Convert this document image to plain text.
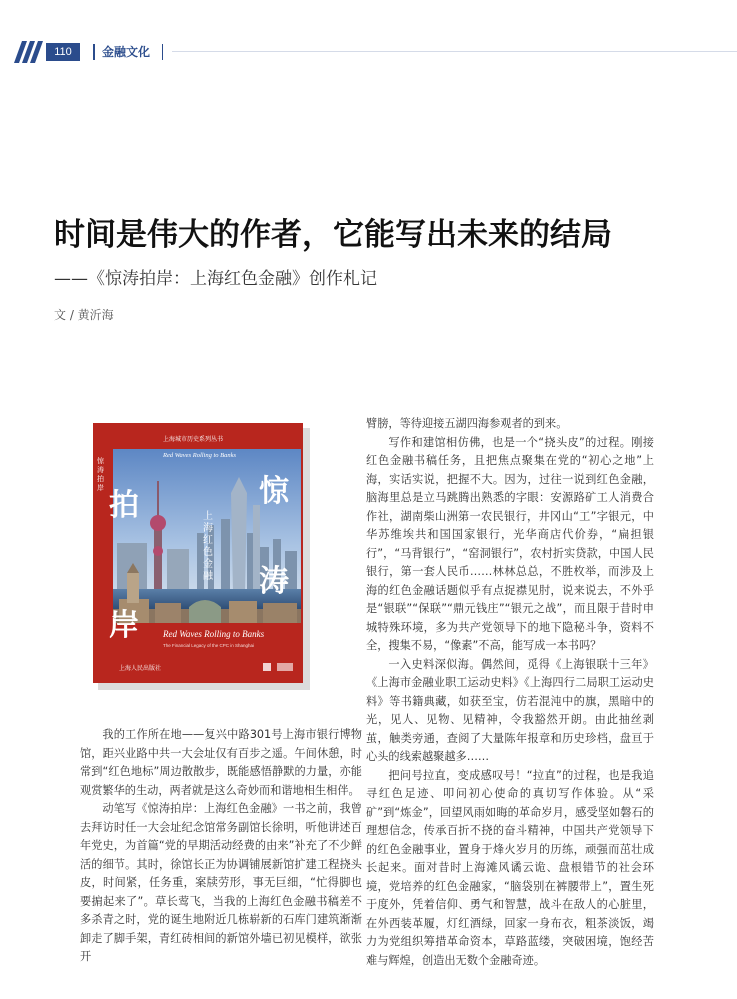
110	金融文化
时间是伟大的作者，它能写出未来的结局
——《惊涛拍岸：上海红色金融》创作札记
文 / 黄沂海
拍
岸
惊
涛
上
海
红
色
金
融
惊
涛
拍
岸
上海城市历史系列丛书
Red Waves Rolling to Banks
Red Waves Rolling to Banks
The Financial Legacy of the CPC in Shanghai
上海人民出版社

我的工作所在地——复兴中路301号上海市银行博物馆，距兴业路中共一大会址仅有百步之遥。午间休憩，时常到“红色地标”周边散散步，既能感悟静默的力量，亦能观赏繁华的生动，两者就是这么奇妙而和谐地相生相伴。

动笔写《惊涛拍岸：上海红色金融》一书之前，我曾去拜访时任一大会址纪念馆常务副馆长徐明，听他讲述百年党史，为首篇“党的早期活动经费的由来”补充了不少鲜活的细节。其时，徐馆长正为协调铺展新馆扩建工程挠头皮，时间紧，任务重，案牍劳形，事无巨细，“忙得脚也要掮起来了”。草长莺飞，当我的上海红色金融书稿差不多杀青之时，党的诞生地附近几栋崭新的石库门建筑渐渐卸走了脚手架，青红砖相间的新馆外墙已初见模样，欲张开

臂膀，等待迎接五湖四海参观者的到来。

写作和建馆相仿佛，也是一个“挠头皮”的过程。刚接红色金融书稿任务，且把焦点聚集在党的“初心之地”上海，实话实说，把握不大。因为，过往一说到红色金融，脑海里总是立马跳腾出熟悉的字眼：安源路矿工人消费合作社，湖南柴山洲第一农民银行，井冈山“工”字银元，中华苏维埃共和国国家银行，光华商店代价券，“扁担银行”，“马背银行”，“窑洞银行”，农村折实贷款，中国人民银行，第一套人民币……林林总总，不胜枚举，而涉及上海的红色金融话题似乎有点捉襟见肘，说来说去，不外乎是“银联”“保联”“鼎元钱庄”“银元之战”，而且限于昔时申城特殊环境，多为共产党领导下的地下隐秘斗争，资料不全，搜集不易，“像素”不高，能写成一本书吗？

一入史料深似海。偶然间，觅得《上海银联十三年》《上海市金融业职工运动史料》《上海四行二局职工运动史料》等书籍典藏，如获至宝，仿若混沌中的旗，黑暗中的光，见人、见物、见精神，令我豁然开朗。由此抽丝剥茧，触类旁通，查阅了大量陈年报章和历史珍档，盘亘于心头的线索越聚越多……

把问号拉直，变成感叹号！“拉直”的过程，也是我追寻红色足迹、叩问初心使命的真切写作体验。从“采矿”到“炼金”，回望风雨如晦的革命岁月，感受坚如磐石的理想信念，传承百折不挠的奋斗精神，中国共产党领导下的红色金融事业，置身于烽火岁月的历练，顽强而茁壮成长起来。面对昔时上海滩风谲云诡、盘根错节的社会环境，党培养的红色金融家，“脑袋别在裤腰带上”，置生死于度外，凭着信仰、勇气和智慧，战斗在敌人的心脏里，在外西装革履，灯红酒绿，回家一身布衣，粗茶淡饭，竭力为党组织筹措革命资本，草路蓝缕，突破困境，饱经苦难与辉煌，创造出无数个金融奇迹。
